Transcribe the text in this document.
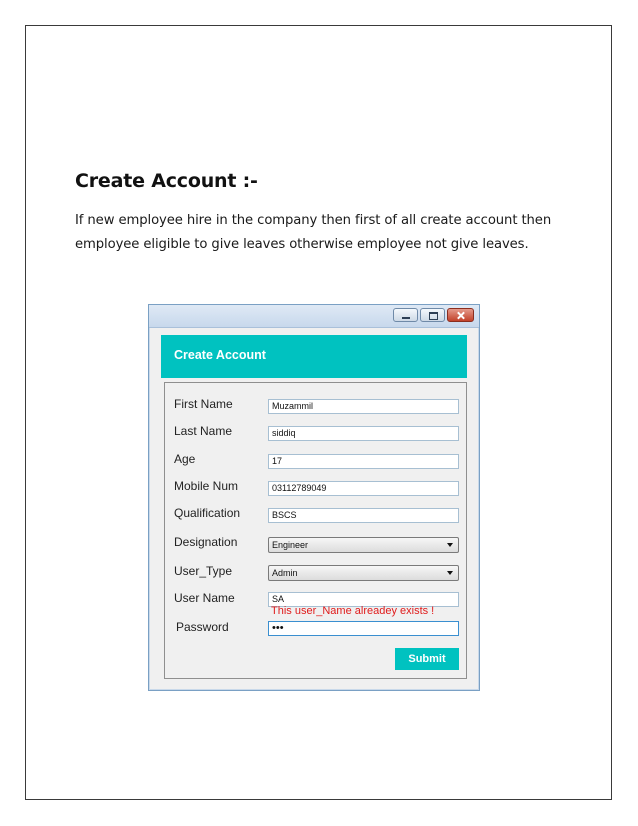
Create Account :-

If new employee hire in the company then first of all create account then employee eligible to give leaves otherwise employee not give leaves.

Create Account
First Name	Muzammil
Last Name	siddiq
Age	17
Mobile Num	03112789049
Qualification	BSCS
Designation	Engineer
User_Type	Admin
User Name	SA
This user_Name alreadey exists !
Password	•••
Submit
